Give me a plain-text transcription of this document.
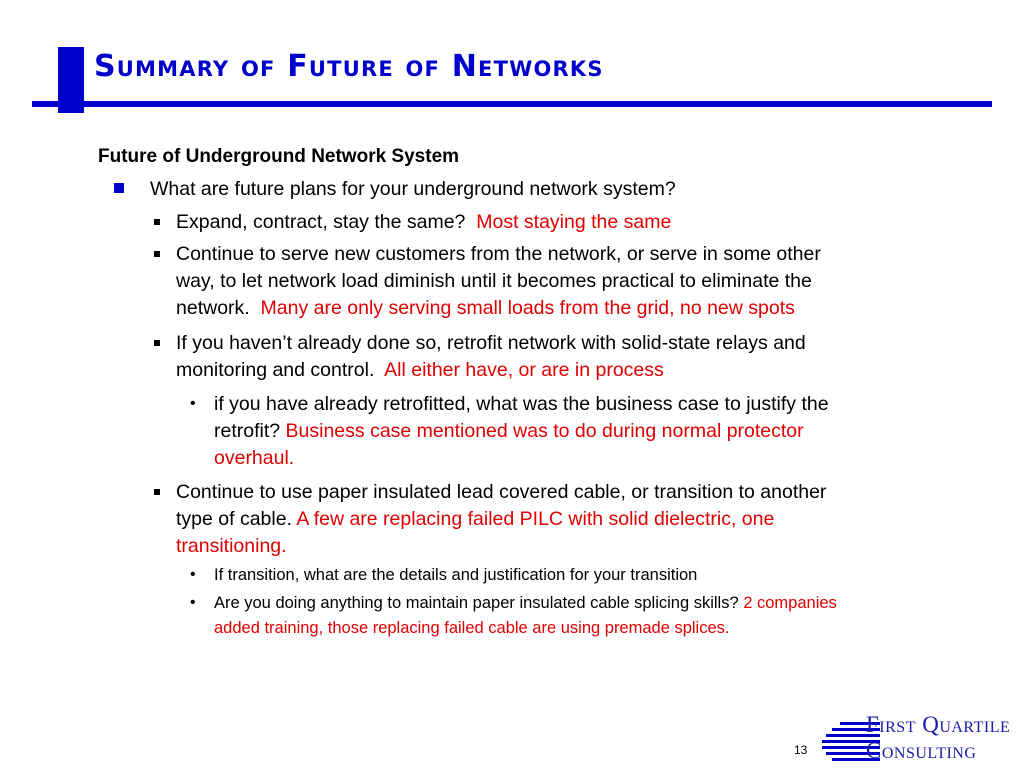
Summary of Future of Networks
Future of Underground Network System
What are future plans for your underground network system?
Expand, contract, stay the same? Most staying the same
Continue to serve new customers from the network, or serve in some other
way, to let network load diminish until it becomes practical to eliminate the
network. Many are only serving small loads from the grid, no new spots
If you haven’t already done so, retrofit network with solid-state relays and
monitoring and control. All either have, or are in process
• if you have already retrofitted, what was the business case to justify the
retrofit? Business case mentioned was to do during normal protector
overhaul.
Continue to use paper insulated lead covered cable, or transition to another
type of cable. A few are replacing failed PILC with solid dielectric, one
transitioning.
• If transition, what are the details and justification for your transition
• Are you doing anything to maintain paper insulated cable splicing skills? 2 companies
added training, those replacing failed cable are using premade splices.
13
First Quartile
Consulting
